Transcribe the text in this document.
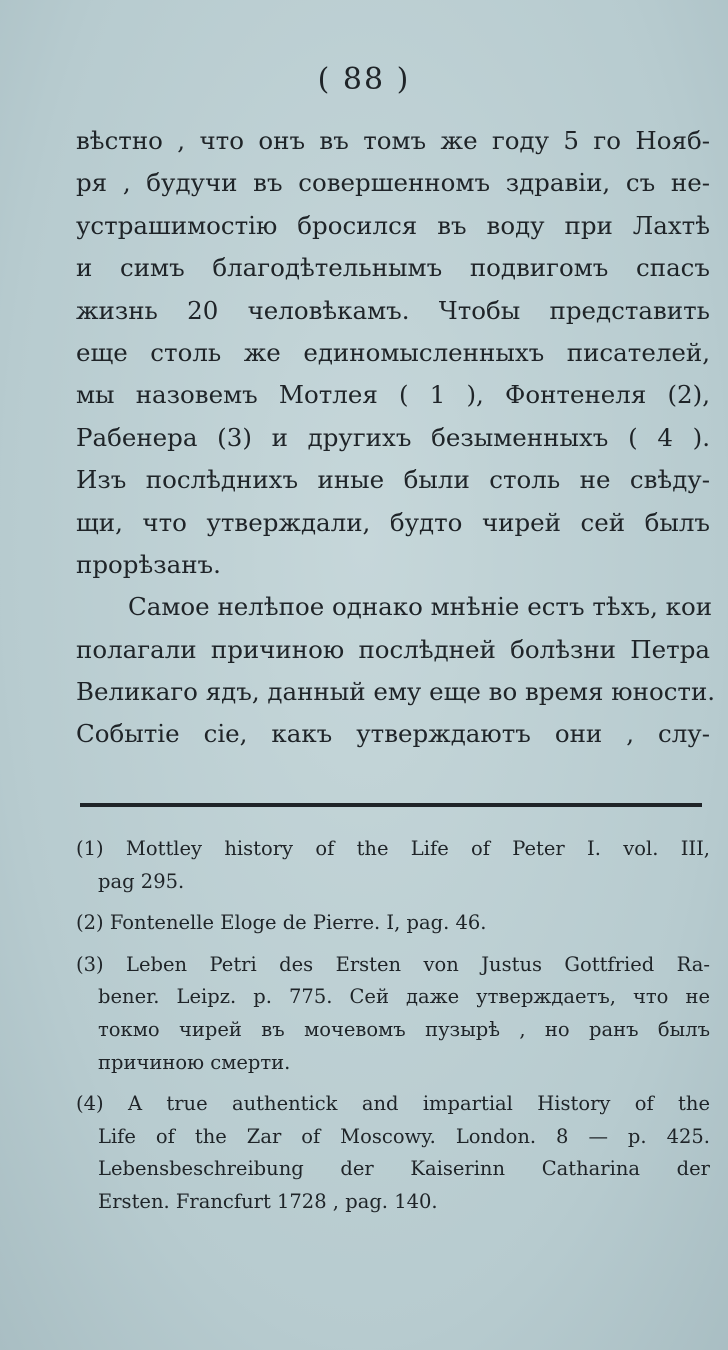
( 88 )
вѣстно , что онъ въ томъ же году 5 го Нояб-
ря , будучи въ совершенномъ здравіи, съ не-
устрашимостію бросился въ воду при Лахтѣ
и симъ благодѣтельнымъ подвигомъ спасъ
жизнь 20 человѣкамъ. Чтобы представить
еще столь же единомысленныхъ писателей,
мы назовемъ Мотлея ( 1 ), Фонтенеля (2),
Рабенера (3) и другихъ безыменныхъ ( 4 ).
Изъ послѣднихъ иные были столь не свѣду-
щи, что утверждали, будто чирей сей былъ
прорѣзанъ.
Самое нелѣпое однако мнѣніе естъ тѣхъ, кои
полагали причиною послѣдней болѣзни Петра
Великаго ядъ, данный ему еще во время юности.
Событіе сіе, какъ утверждаютъ они , слу-
(1) Mottley history of the Life of Peter I. vol. III,
pag 295.
(2) Fontenelle Eloge de Pierre. I, pag. 46.
(3) Leben Petri des Ersten von Justus Gottfried Ra-
bener. Leipz. p. 775. Сей даже утверждаетъ, что не
токмо чирей въ мочевомъ пузырѣ , но ранъ былъ
причиною смерти.
(4) A true authentick and impartial History of the
Life of the Zar of Moscowy. London. 8 — p. 425.
Lebensbeschreibung der Kaiserinn Catharina der
Ersten. Francfurt 1728 , pag. 140.
